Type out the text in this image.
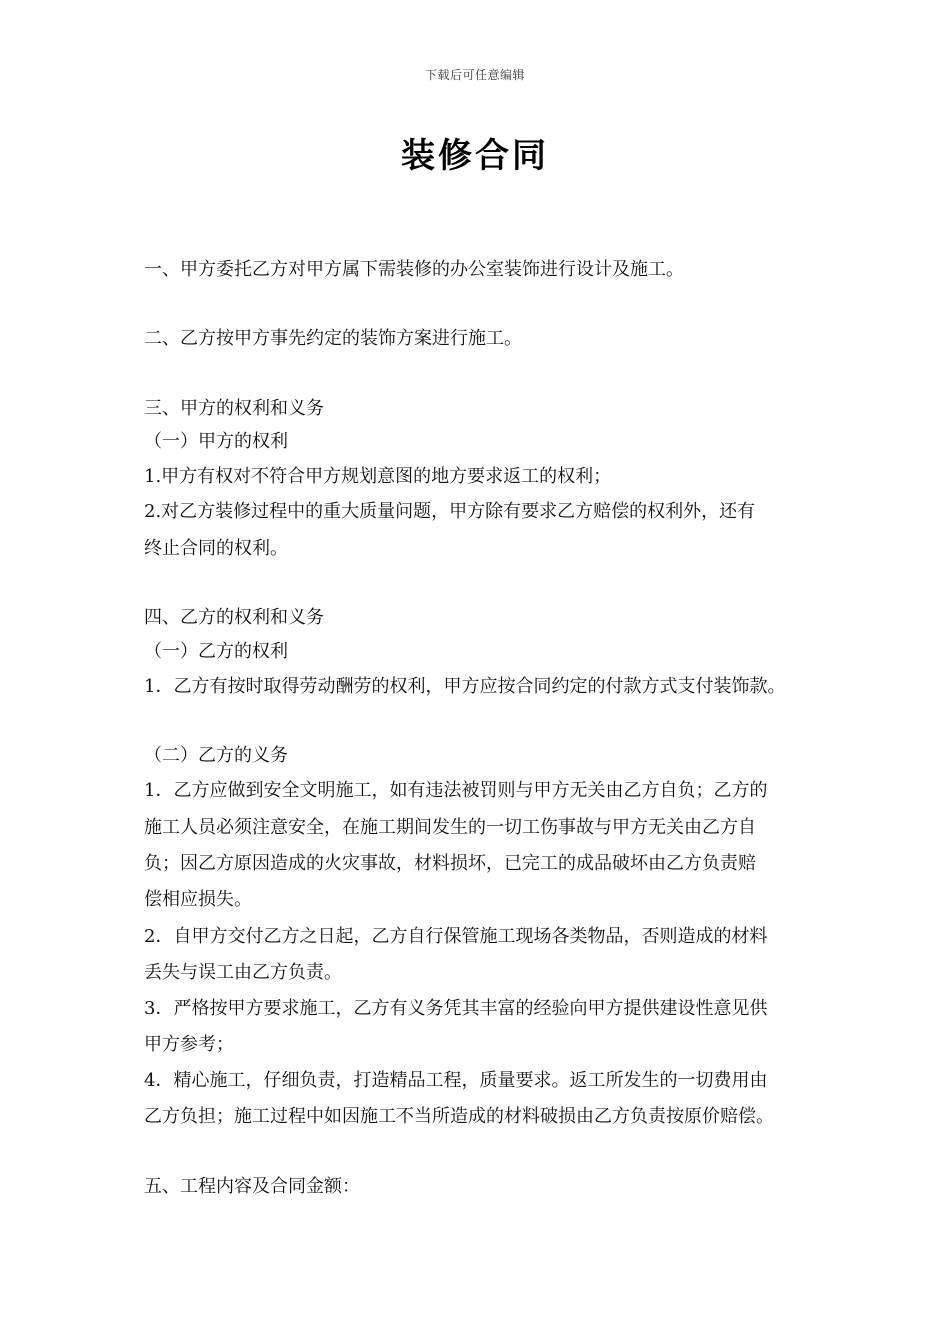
下载后可任意编辑
装修合同
一、甲方委托乙方对甲方属下需装修的办公室装饰进行设计及施工。
二、乙方按甲方事先约定的装饰方案进行施工。
三、甲方的权利和义务
（一）甲方的权利
1.甲方有权对不符合甲方规划意图的地方要求返工的权利；
2.对乙方装修过程中的重大质量问题，甲方除有要求乙方赔偿的权利外，还有
终止合同的权利。
四、乙方的权利和义务
（一）乙方的权利
1．乙方有按时取得劳动酬劳的权利，甲方应按合同约定的付款方式支付装饰款。
（二）乙方的义务
1．乙方应做到安全文明施工，如有违法被罚则与甲方无关由乙方自负；乙方的
施工人员必须注意安全，在施工期间发生的一切工伤事故与甲方无关由乙方自
负；因乙方原因造成的火灾事故，材料损坏，已完工的成品破坏由乙方负责赔
偿相应损失。
2．自甲方交付乙方之日起，乙方自行保管施工现场各类物品，否则造成的材料
丢失与误工由乙方负责。
3．严格按甲方要求施工，乙方有义务凭其丰富的经验向甲方提供建设性意见供
甲方参考；
4．精心施工，仔细负责，打造精品工程，质量要求。返工所发生的一切费用由
乙方负担；施工过程中如因施工不当所造成的材料破损由乙方负责按原价赔偿。
五、工程内容及合同金额：
